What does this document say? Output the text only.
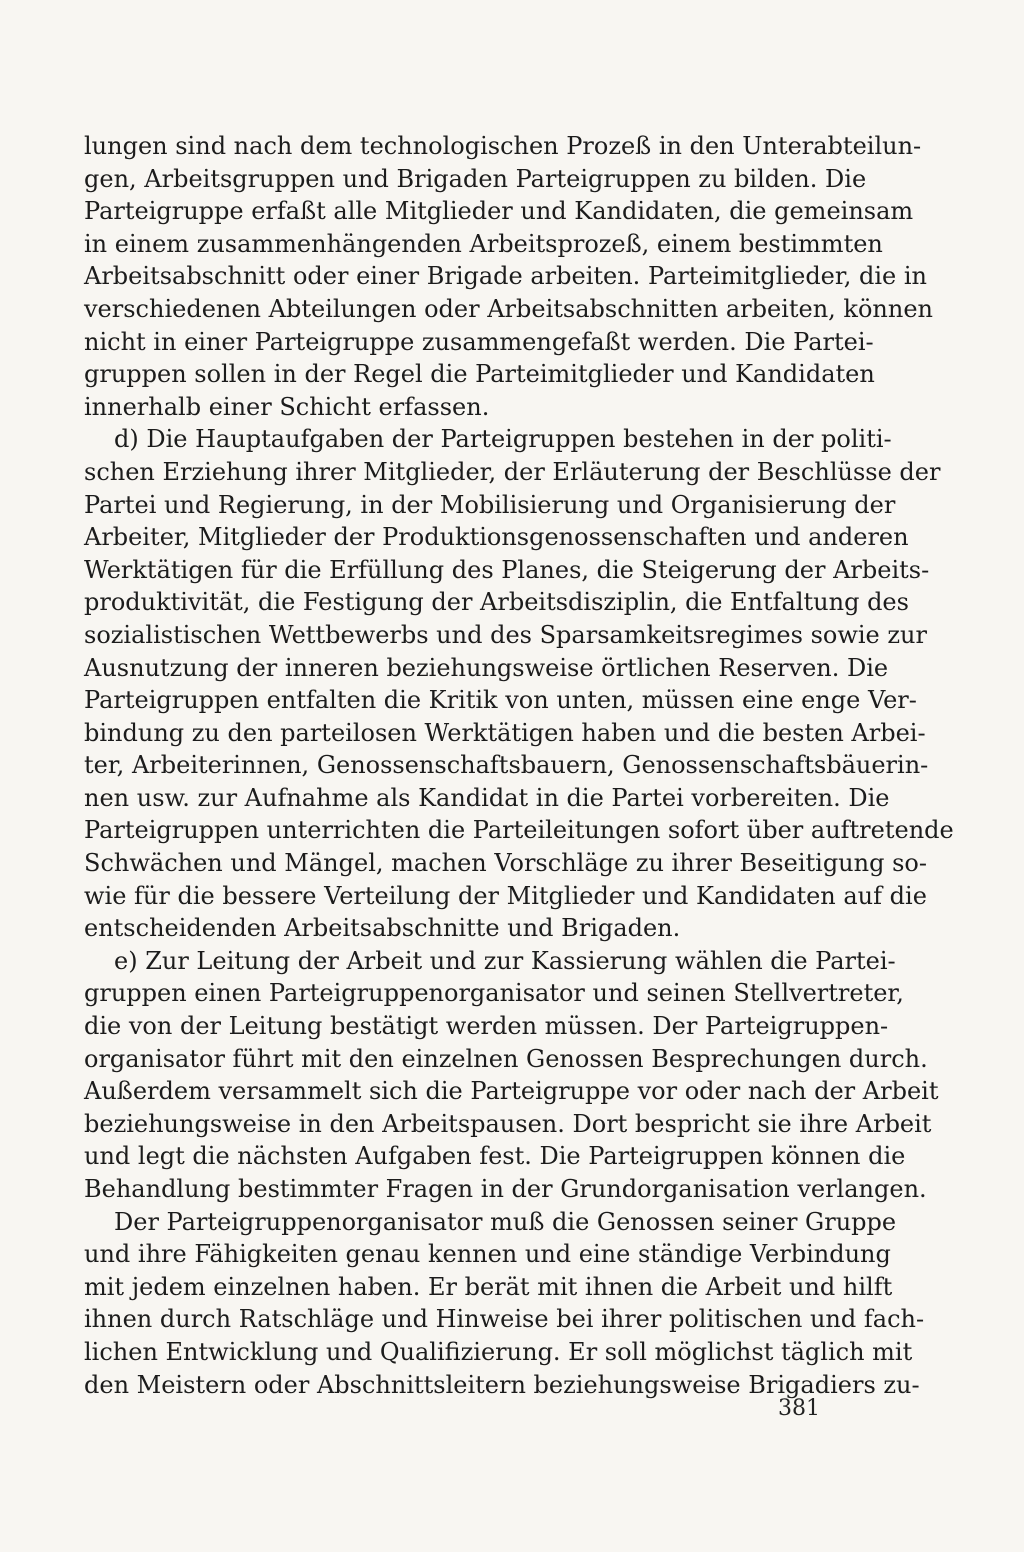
lungen sind nach dem technologischen Prozeß in den Unterabteilun-
gen, Arbeitsgruppen und Brigaden Parteigruppen zu bilden. Die
Parteigruppe erfaßt alle Mitglieder und Kandidaten, die gemeinsam
in einem zusammenhängenden Arbeitsprozeß, einem bestimmten
Arbeitsabschnitt oder einer Brigade arbeiten. Parteimitglieder, die in
verschiedenen Abteilungen oder Arbeitsabschnitten arbeiten, können
nicht in einer Parteigruppe zusammengefaßt werden. Die Partei-
gruppen sollen in der Regel die Parteimitglieder und Kandidaten
innerhalb einer Schicht erfassen.
d) Die Hauptaufgaben der Parteigruppen bestehen in der politi-
schen Erziehung ihrer Mitglieder, der Erläuterung der Beschlüsse der
Partei und Regierung, in der Mobilisierung und Organisierung der
Arbeiter, Mitglieder der Produktionsgenossenschaften und anderen
Werktätigen für die Erfüllung des Planes, die Steigerung der Arbeits-
produktivität, die Festigung der Arbeitsdisziplin, die Entfaltung des
sozialistischen Wettbewerbs und des Sparsamkeitsregimes sowie zur
Ausnutzung der inneren beziehungsweise örtlichen Reserven. Die
Parteigruppen entfalten die Kritik von unten, müssen eine enge Ver-
bindung zu den parteilosen Werktätigen haben und die besten Arbei-
ter, Arbeiterinnen, Genossenschaftsbauern, Genossenschaftsbäuerin-
nen usw. zur Aufnahme als Kandidat in die Partei vorbereiten. Die
Parteigruppen unterrichten die Parteileitungen sofort über auftretende
Schwächen und Mängel, machen Vorschläge zu ihrer Beseitigung so-
wie für die bessere Verteilung der Mitglieder und Kandidaten auf die
entscheidenden Arbeitsabschnitte und Brigaden.
e) Zur Leitung der Arbeit und zur Kassierung wählen die Partei-
gruppen einen Parteigruppenorganisator und seinen Stellvertreter,
die von der Leitung bestätigt werden müssen. Der Parteigruppen-
organisator führt mit den einzelnen Genossen Besprechungen durch.
Außerdem versammelt sich die Parteigruppe vor oder nach der Arbeit
beziehungsweise in den Arbeitspausen. Dort bespricht sie ihre Arbeit
und legt die nächsten Aufgaben fest. Die Parteigruppen können die
Behandlung bestimmter Fragen in der Grundorganisation verlangen.
Der Parteigruppenorganisator muß die Genossen seiner Gruppe
und ihre Fähigkeiten genau kennen und eine ständige Verbindung
mit jedem einzelnen haben. Er berät mit ihnen die Arbeit und hilft
ihnen durch Ratschläge und Hinweise bei ihrer politischen und fach-
lichen Entwicklung und Qualifizierung. Er soll möglichst täglich mit
den Meistern oder Abschnittsleitern beziehungsweise Brigadiers zu-
381
